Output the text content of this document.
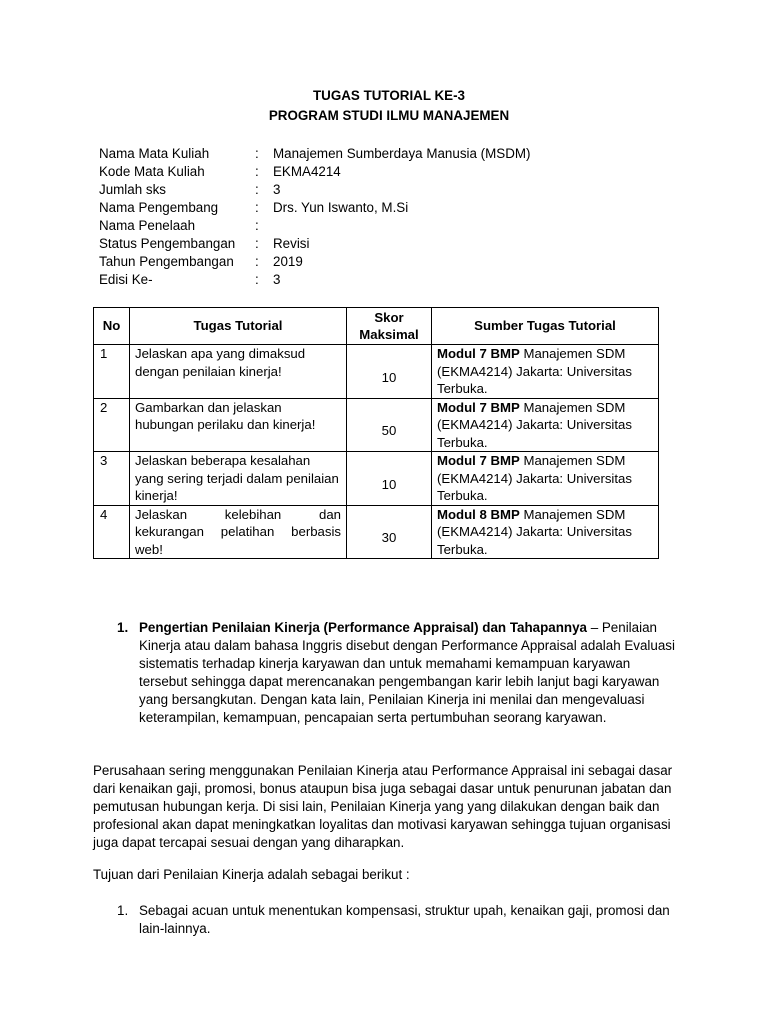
TUGAS TUTORIAL KE-3
PROGRAM STUDI ILMU MANAJEMEN
Nama Mata Kuliah	: Manajemen Sumberdaya Manusia (MSDM)
Kode Mata Kuliah	: EKMA4214
Jumlah sks	: 3
Nama Pengembang	: Drs. Yun Iswanto, M.Si
Nama Penelaah	:
Status Pengembangan : Revisi
Tahun Pengembangan : 2019
Edisi Ke-	: 3
No	Tugas Tutorial	Skor Maksimal	Sumber Tugas Tutorial
1	Jelaskan apa yang dimaksud dengan penilaian kinerja!	10	Modul 7 BMP Manajemen SDM (EKMA4214) Jakarta: Universitas Terbuka.
2	Gambarkan dan jelaskan hubungan perilaku dan kinerja!	50	Modul 7 BMP Manajemen SDM (EKMA4214) Jakarta: Universitas Terbuka.
3	Jelaskan beberapa kesalahan yang sering terjadi dalam penilaian kinerja!	10	Modul 7 BMP Manajemen SDM (EKMA4214) Jakarta: Universitas Terbuka.
4	Jelaskan kelebihan dan kekurangan pelatihan berbasis web!	30	Modul 8 BMP Manajemen SDM (EKMA4214) Jakarta: Universitas Terbuka.
1. Pengertian Penilaian Kinerja (Performance Appraisal) dan Tahapannya – Penilaian Kinerja atau dalam bahasa Inggris disebut dengan Performance Appraisal adalah Evaluasi sistematis terhadap kinerja karyawan dan untuk memahami kemampuan karyawan tersebut sehingga dapat merencanakan pengembangan karir lebih lanjut bagi karyawan yang bersangkutan. Dengan kata lain, Penilaian Kinerja ini menilai dan mengevaluasi keterampilan, kemampuan, pencapaian serta pertumbuhan seorang karyawan.
Perusahaan sering menggunakan Penilaian Kinerja atau Performance Appraisal ini sebagai dasar dari kenaikan gaji, promosi, bonus ataupun bisa juga sebagai dasar untuk penurunan jabatan dan pemutusan hubungan kerja. Di sisi lain, Penilaian Kinerja yang yang dilakukan dengan baik dan profesional akan dapat meningkatkan loyalitas dan motivasi karyawan sehingga tujuan organisasi juga dapat tercapai sesuai dengan yang diharapkan.
Tujuan dari Penilaian Kinerja adalah sebagai berikut :
1. Sebagai acuan untuk menentukan kompensasi, struktur upah, kenaikan gaji, promosi dan lain-lainnya.
